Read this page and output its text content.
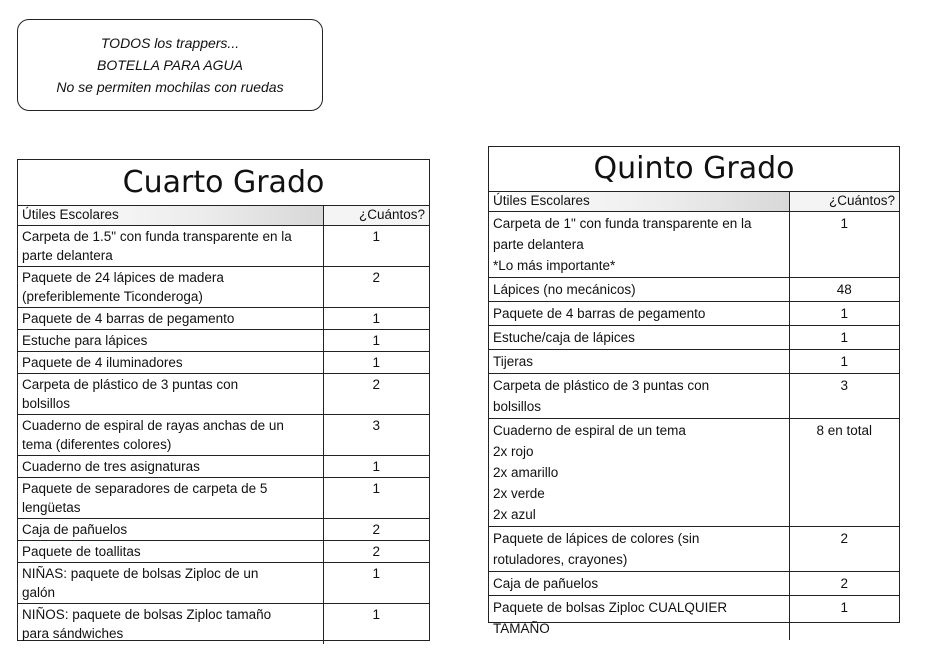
TODOS los trappers...
BOTELLA PARA AGUA
No se permiten mochilas con ruedas
Cuarto Grado
Útiles Escolares	¿Cuántos?

Carpeta de 1.5" con funda transparente en la
parte delantera	1

Paquete de 24 lápices de madera
(preferiblemente Ticonderoga)	2

Paquete de 4 barras de pegamento	1

Estuche para lápices	1

Paquete de 4 iluminadores	1

Carpeta de plástico de 3 puntas con
bolsillos	2

Cuaderno de espiral de rayas anchas de un
tema (diferentes colores)	3

Cuaderno de tres asignaturas	1

Paquete de separadores de carpeta de 5
lengüetas	1

Caja de pañuelos	2

Paquete de toallitas	2

NIÑAS: paquete de bolsas Ziploc de un
galón	1

NIÑOS: paquete de bolsas Ziploc tamaño
para sándwiches	1
Quinto Grado
Útiles Escolares	¿Cuántos?

Carpeta de 1" con funda transparente en la
parte delantera
*Lo más importante*	1

Lápices (no mecánicos)	48

Paquete de 4 barras de pegamento	1

Estuche/caja de lápices	1

Tijeras	1

Carpeta de plástico de 3 puntas con
bolsillos	3

Cuaderno de espiral de un tema
2x rojo
2x amarillo
2x verde
2x azul	8 en total

Paquete de lápices de colores (sin
rotuladores, crayones)	2

Caja de pañuelos	2

Paquete de bolsas Ziploc CUALQUIER
TAMAÑO	1
